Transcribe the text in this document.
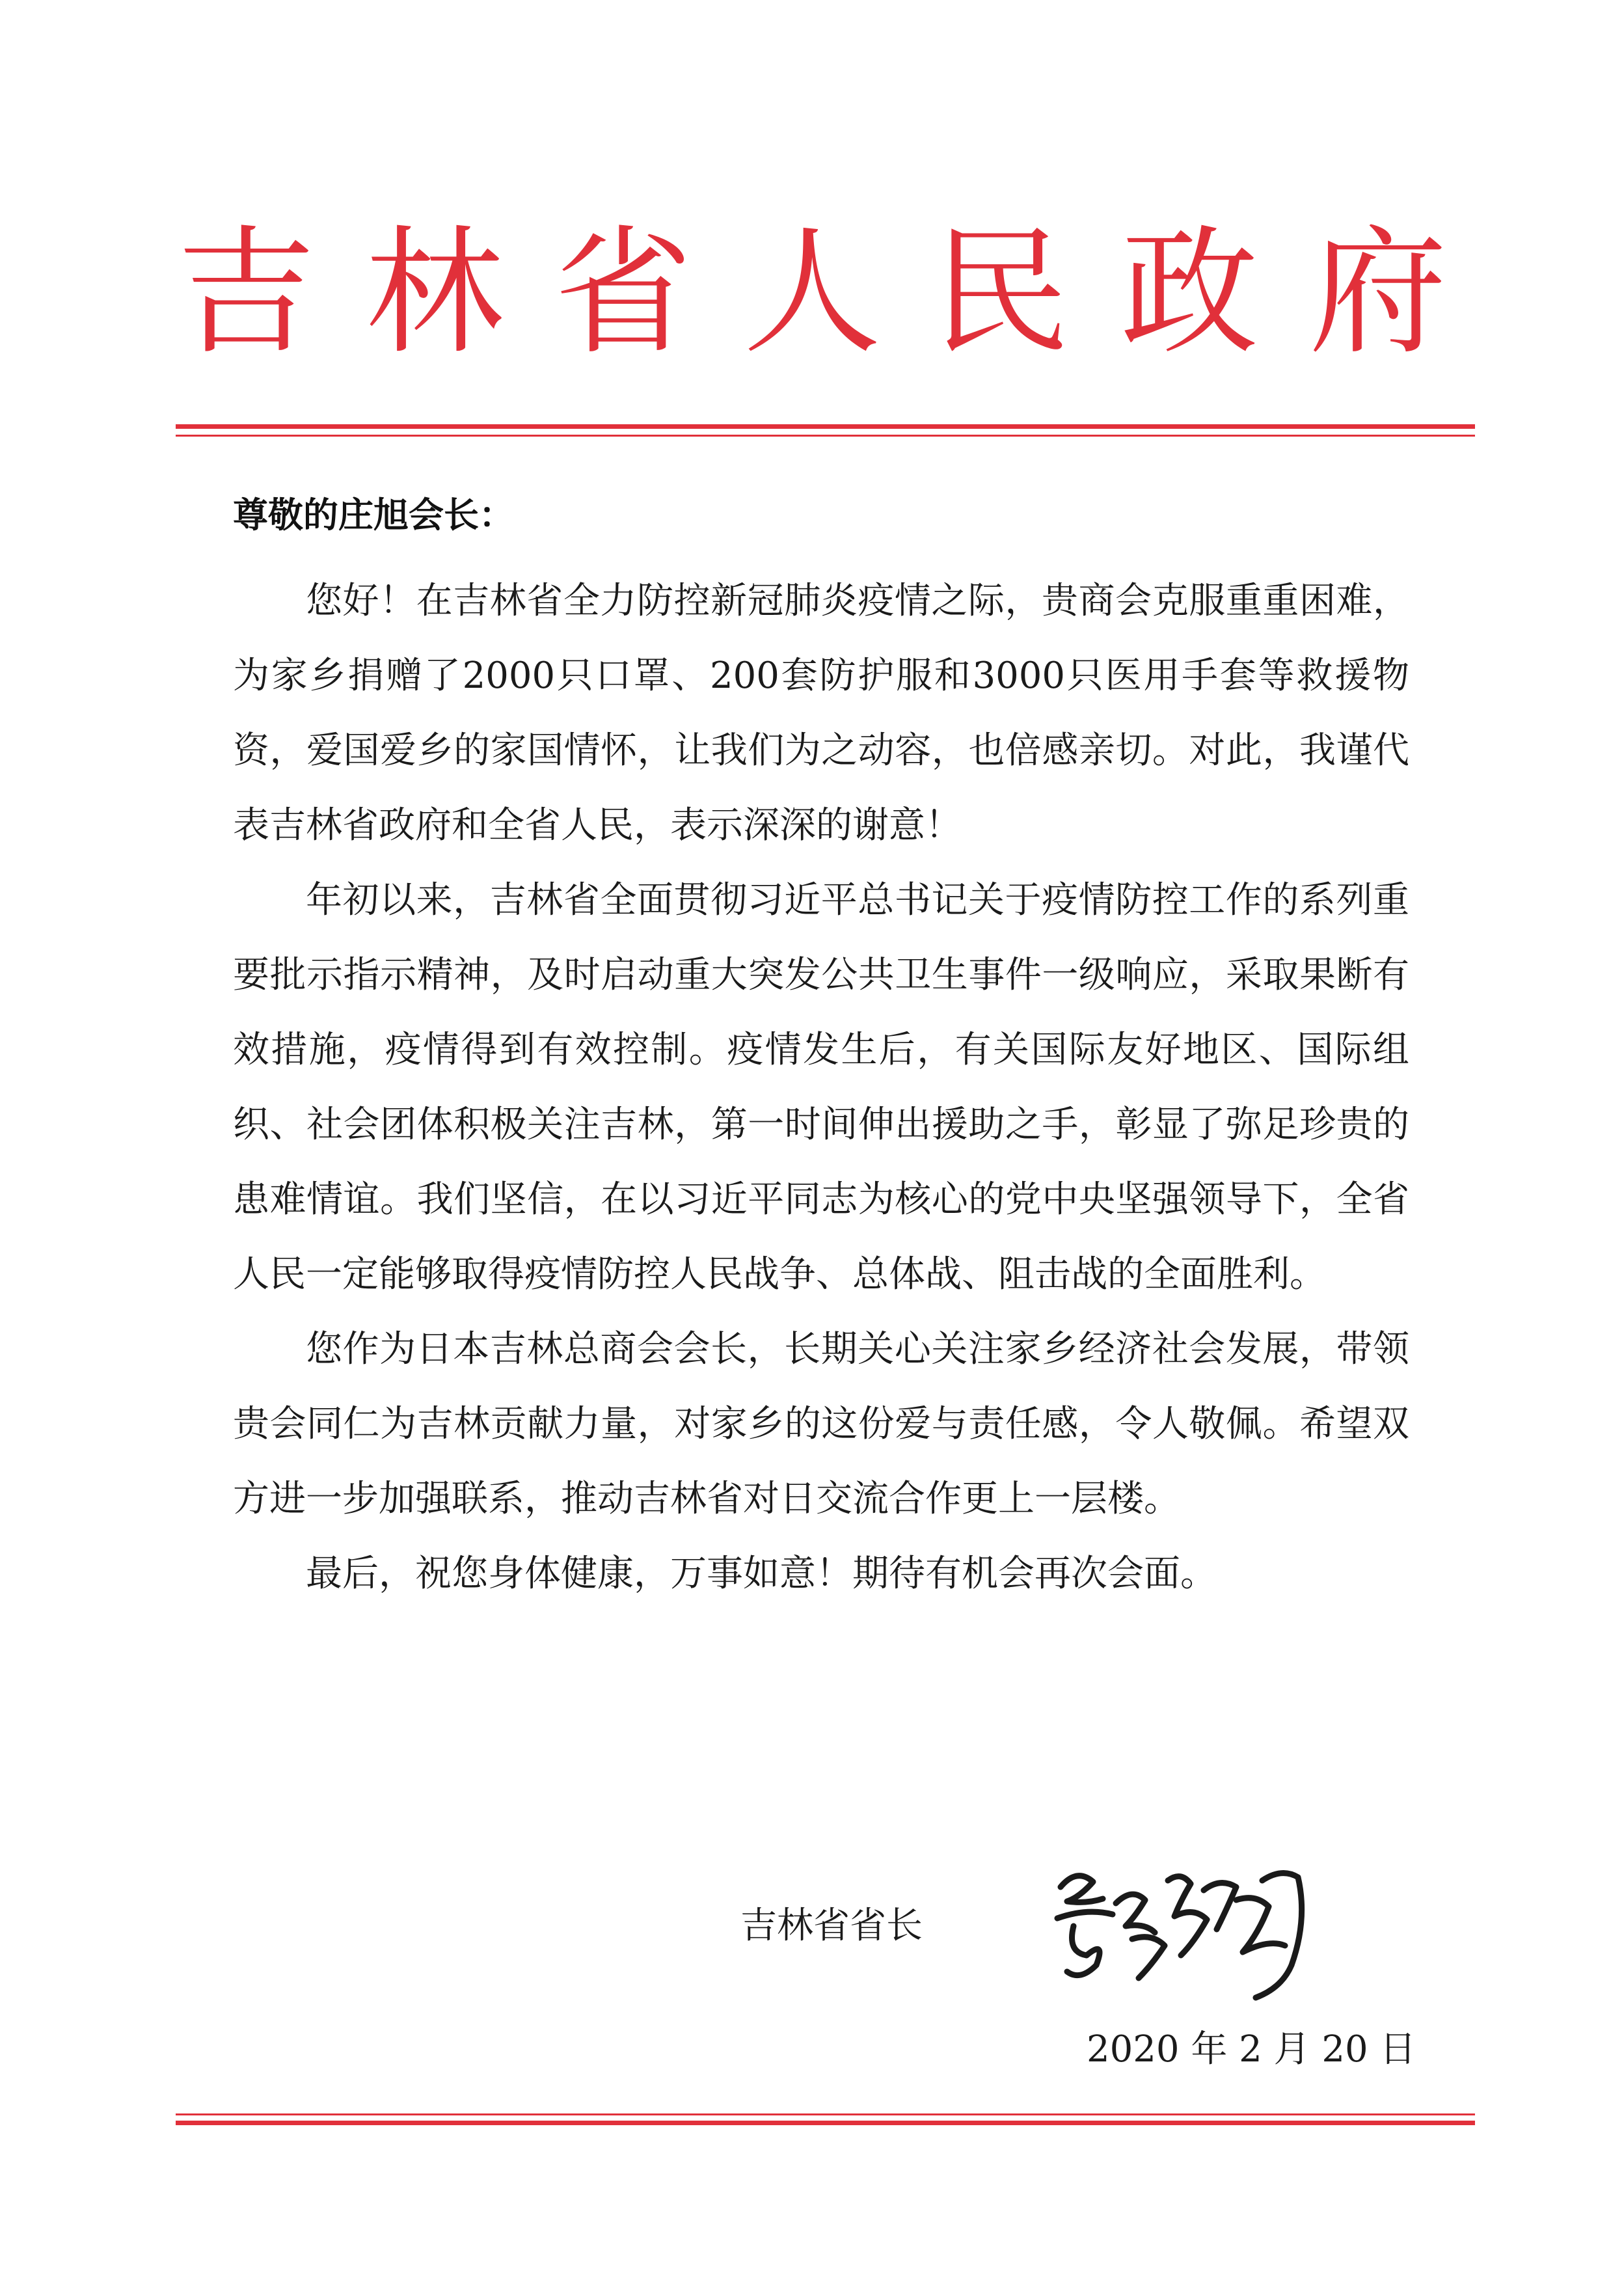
吉林省人民政府
尊敬的庄旭会长：

您好！在吉林省全力防控新冠肺炎疫情之际，贵商会克服重重困难，为家乡捐赠了2000只口罩、200套防护服和3000只医用手套等救援物资，爱国爱乡的家国情怀，让我们为之动容，也倍感亲切。对此，我谨代表吉林省政府和全省人民，表示深深的谢意！

年初以来，吉林省全面贯彻习近平总书记关于疫情防控工作的系列重要批示指示精神，及时启动重大突发公共卫生事件一级响应，采取果断有效措施，疫情得到有效控制。疫情发生后，有关国际友好地区、国际组织、社会团体积极关注吉林，第一时间伸出援助之手，彰显了弥足珍贵的患难情谊。我们坚信，在以习近平同志为核心的党中央坚强领导下，全省人民一定能够取得疫情防控人民战争、总体战、阻击战的全面胜利。

您作为日本吉林总商会会长，长期关心关注家乡经济社会发展，带领贵会同仁为吉林贡献力量，对家乡的这份爱与责任感，令人敬佩。希望双方进一步加强联系，推动吉林省对日交流合作更上一层楼。

最后，祝您身体健康，万事如意！期待有机会再次会面。

吉林省省长
2020 年 2 月 20 日
